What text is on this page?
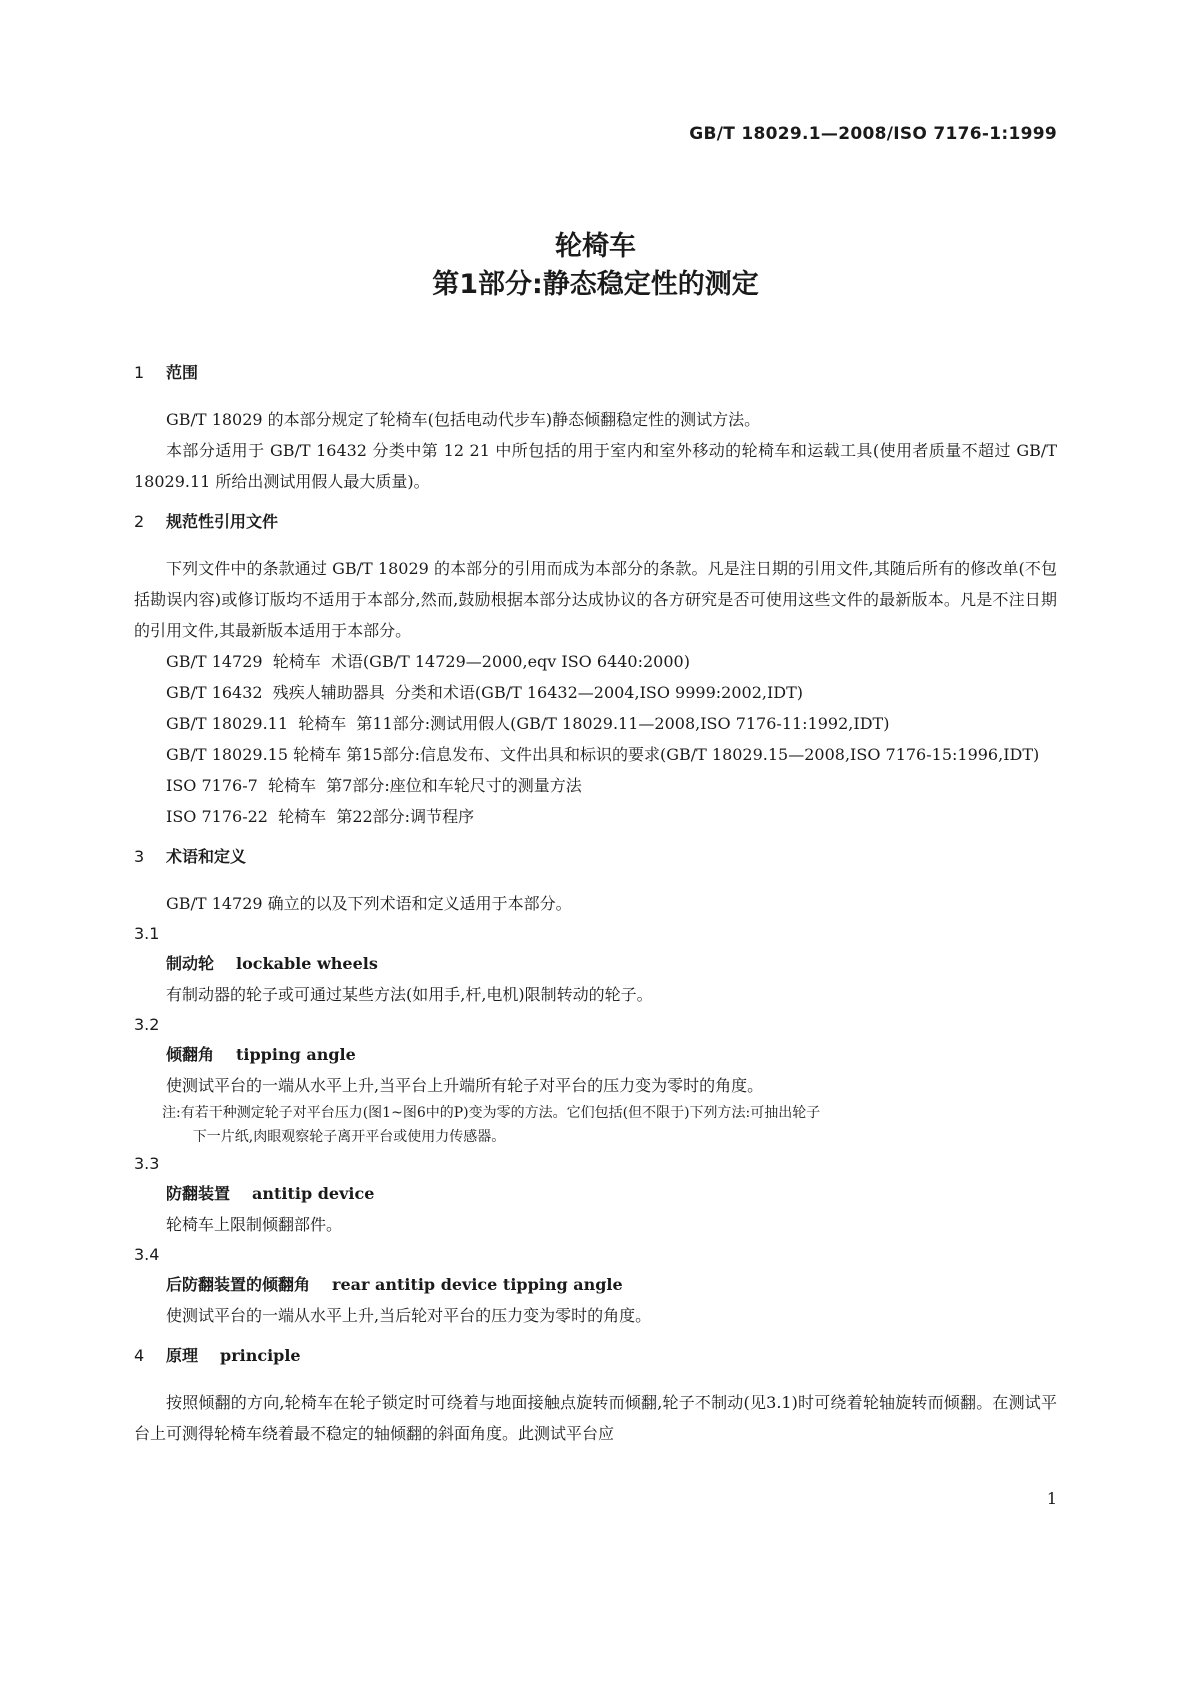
GB/T 18029.1—2008/ISO 7176-1:1999
轮椅车
第1部分:静态稳定性的测定
1 范围

GB/T 18029 的本部分规定了轮椅车(包括电动代步车)静态倾翻稳定性的测试方法。

本部分适用于 GB/T 16432 分类中第 12 21 中所包括的用于室内和室外移动的轮椅车和运载工具(使用者质量不超过 GB/T 18029.11 所给出测试用假人最大质量)。

2 规范性引用文件

下列文件中的条款通过 GB/T 18029 的本部分的引用而成为本部分的条款。凡是注日期的引用文件,其随后所有的修改单(不包括勘误内容)或修订版均不适用于本部分,然而,鼓励根据本部分达成协议的各方研究是否可使用这些文件的最新版本。凡是不注日期的引用文件,其最新版本适用于本部分。

GB/T 14729  轮椅车  术语(GB/T 14729—2000,eqv ISO 6440:2000)

GB/T 16432  残疾人辅助器具  分类和术语(GB/T 16432—2004,ISO 9999:2002,IDT)

GB/T 18029.11  轮椅车  第11部分:测试用假人(GB/T 18029.11—2008,ISO 7176-11:1992,IDT)

GB/T 18029.15 轮椅车 第15部分:信息发布、文件出具和标识的要求(GB/T 18029.15—2008,ISO 7176-15:1996,IDT)

ISO 7176-7  轮椅车  第7部分:座位和车轮尺寸的测量方法

ISO 7176-22  轮椅车  第22部分:调节程序

3 术语和定义

GB/T 14729 确立的以及下列术语和定义适用于本部分。

3.1

制动轮 lockable wheels

有制动器的轮子或可通过某些方法(如用手,杆,电机)限制转动的轮子。

3.2

倾翻角 tipping angle

使测试平台的一端从水平上升,当平台上升端所有轮子对平台的压力变为零时的角度。

注:有若干种测定轮子对平台压力(图1~图6中的P)变为零的方法。它们包括(但不限于)下列方法:可抽出轮子
下一片纸,肉眼观察轮子离开平台或使用力传感器。

3.3

防翻装置 antitip device

轮椅车上限制倾翻部件。

3.4

后防翻装置的倾翻角 rear antitip device tipping angle

使测试平台的一端从水平上升,当后轮对平台的压力变为零时的角度。

4 原理 principle

按照倾翻的方向,轮椅车在轮子锁定时可绕着与地面接触点旋转而倾翻,轮子不制动(见3.1)时可绕着轮轴旋转而倾翻。在测试平台上可测得轮椅车绕着最不稳定的轴倾翻的斜面角度。此测试平台应

1
